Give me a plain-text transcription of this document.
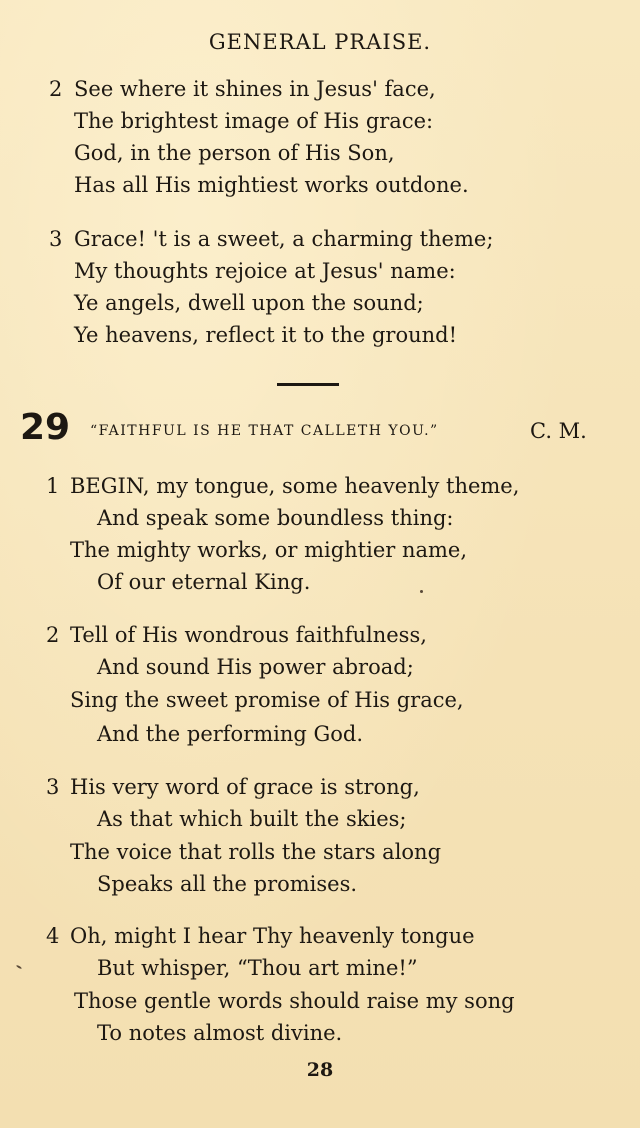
GENERAL PRAISE.
2 See where it shines in Jesus' face,
The brightest image of His grace:
God, in the person of His Son,
Has all His mightiest works outdone.
3 Grace! 't is a sweet, a charming theme;
My thoughts rejoice at Jesus' name:
Ye angels, dwell upon the sound;
Ye heavens, reflect it to the ground!
29 “FAITHFUL IS HE THAT CALLETH YOU.”	C. M.
1 BEGIN, my tongue, some heavenly theme,
And speak some boundless thing:
The mighty works, or mightier name,
Of our eternal King.
2 Tell of His wondrous faithfulness,
And sound His power abroad;
Sing the sweet promise of His grace,
And the performing God.
3 His very word of grace is strong,
As that which built the skies;
The voice that rolls the stars along
Speaks all the promises.
4 Oh, might I hear Thy heavenly tongue
But whisper, “Thou art mine!”
Those gentle words should raise my song
To notes almost divine.
28
